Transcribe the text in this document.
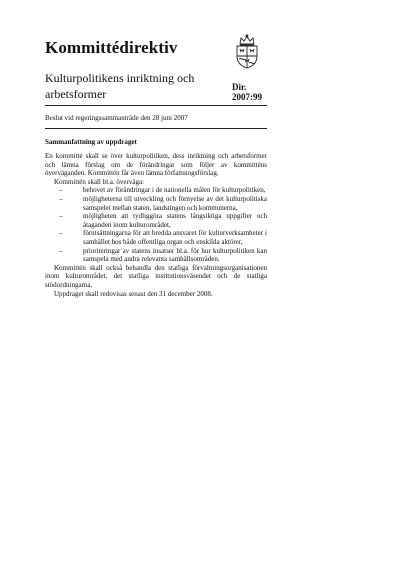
Kommittédirektiv
Kulturpolitikens inriktning och arbetsformer	Dir.
2007:99
Beslut vid regeringssammanträde den 28 juni 2007
Sammanfattning av uppdraget

En kommitté skall se över kulturpolitiken, dess inriktning och arbetsformer och lämna förslag om de förändringar som följer av kommitténs överväganden. Kommittén får även lämna författningsförslag.

Kommittén skall bl.a. överväga:

–	behovet av förändringar i de nationella målen för kulturpolitiken,
–	möjligheterna till utveckling och förnyelse av det kulturpolitiska samspelet mellan staten, landstingen och kommunerna,
–	möjligheten att tydliggöra statens långsiktiga uppgifter och åtaganden inom kulturområdet,
–	förutsättningarna för att bredda ansvaret för kulturverksamheter i samhället hos både offentliga organ och enskilda aktörer,
–	prioriteringar av statens insatser bl.a. för hur kulturpolitiken kan samspela med andra relevanta samhällsområden.

Kommittén skall också behandla den statliga förvaltningsorganisationen inom kulturområdet, det statliga institutionsväsendet och de statliga stödordningarna.

Uppdraget skall redovisas senast den 31 december 2008.
